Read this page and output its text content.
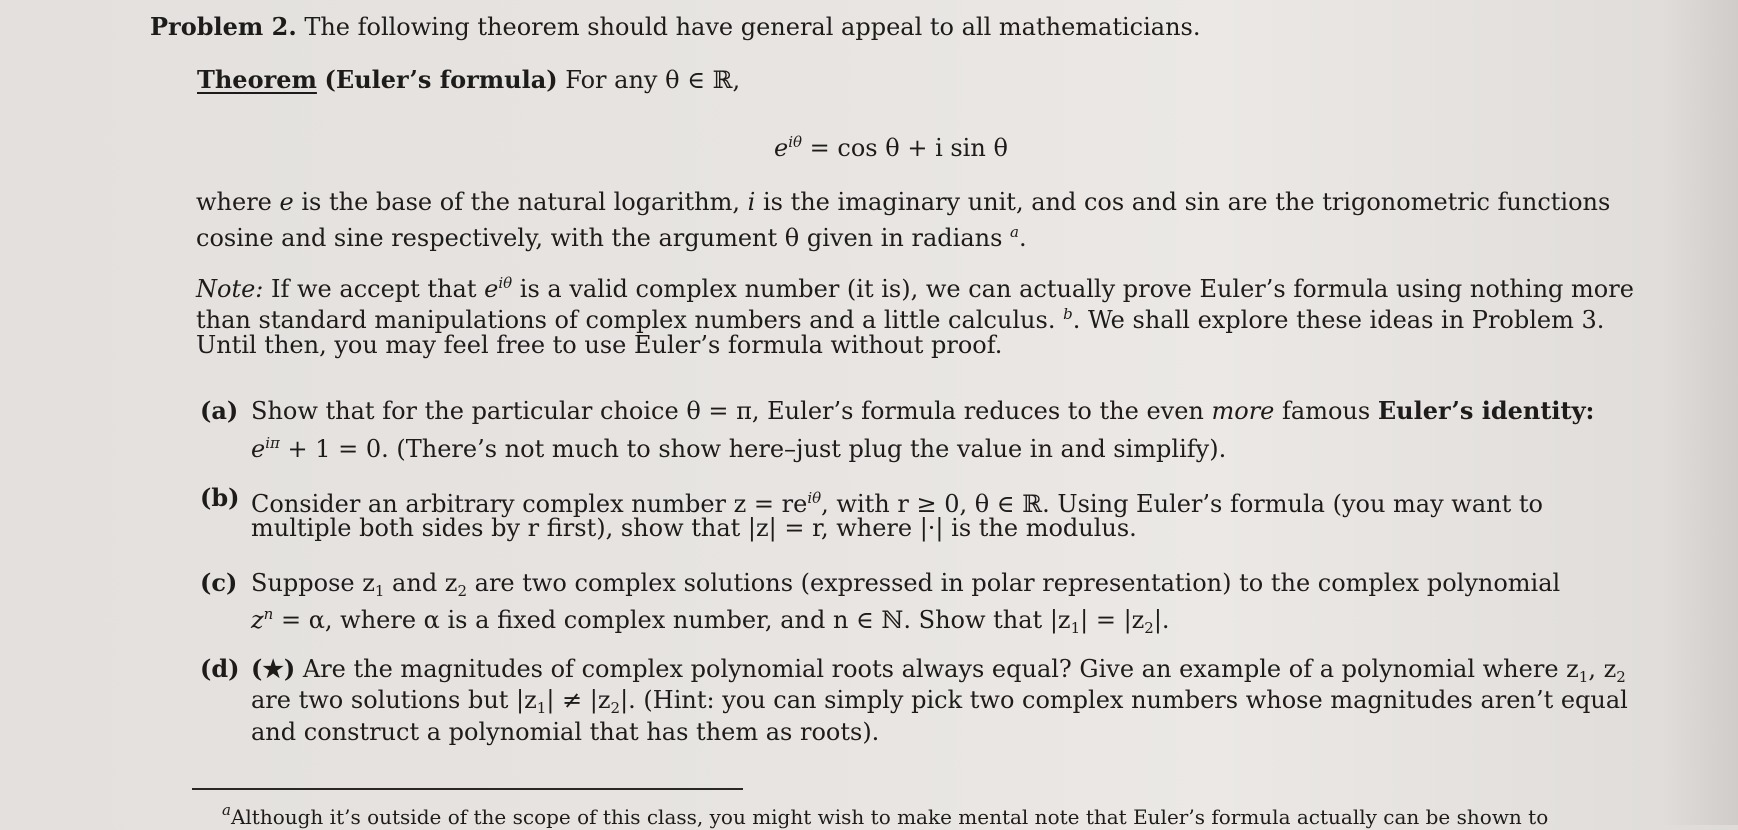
Problem 2. The following theorem should have general appeal to all mathematicians.
Theorem (Euler’s formula) For any θ ∈ ℝ,
$e^{i\theta} = \cos \theta + i$ sin θ
where e is the base of the natural logarithm, i is the imaginary unit, and cos and sin are the trigonometric functions
cosine and sine respectively, with the argument θ given in radians $^a$.
Note: If we accept that $e^{i\theta}$ is a valid complex number (it is), we can actually prove Euler’s formula using nothing more
than standard manipulations of complex numbers and a little calculus. $^b$. We shall explore these ideas in Problem 3.
Until then, you may feel free to use Euler’s formula without proof.
(a) Show that for the particular choice θ = π, Euler’s formula reduces to the even more famous Euler’s identity:
$e^{i\pi} + 1 = 0$. (There’s not much to show here–just plug the value in and simplify).
(b) Consider an arbitrary complex number $z = re^{i\theta}$, with r ≥ 0, θ ∈ ℝ. Using Euler’s formula (you may want to
multiple both sides by r first), show that |z| = r, where |·| is the modulus.
(c) Suppose $z_1$ and $z_2$ are two complex solutions (expressed in polar representation) to the complex polynomial
$z^n = \alpha$, where α is a fixed complex number, and n ∈ ℕ. Show that $|z_1| = |z_2|$.
(d) (★) Are the magnitudes of complex polynomial roots always equal? Give an example of a polynomial where $z_1$, $z_2$
are two solutions but $|z_1| \ne |z_2|$. (Hint: you can simply pick two complex numbers whose magnitudes aren’t equal
and construct a polynomial that has them as roots).
$^a$Although it’s outside of the scope of this class, you might wish to make mental note that Euler’s formula actually can be shown to
